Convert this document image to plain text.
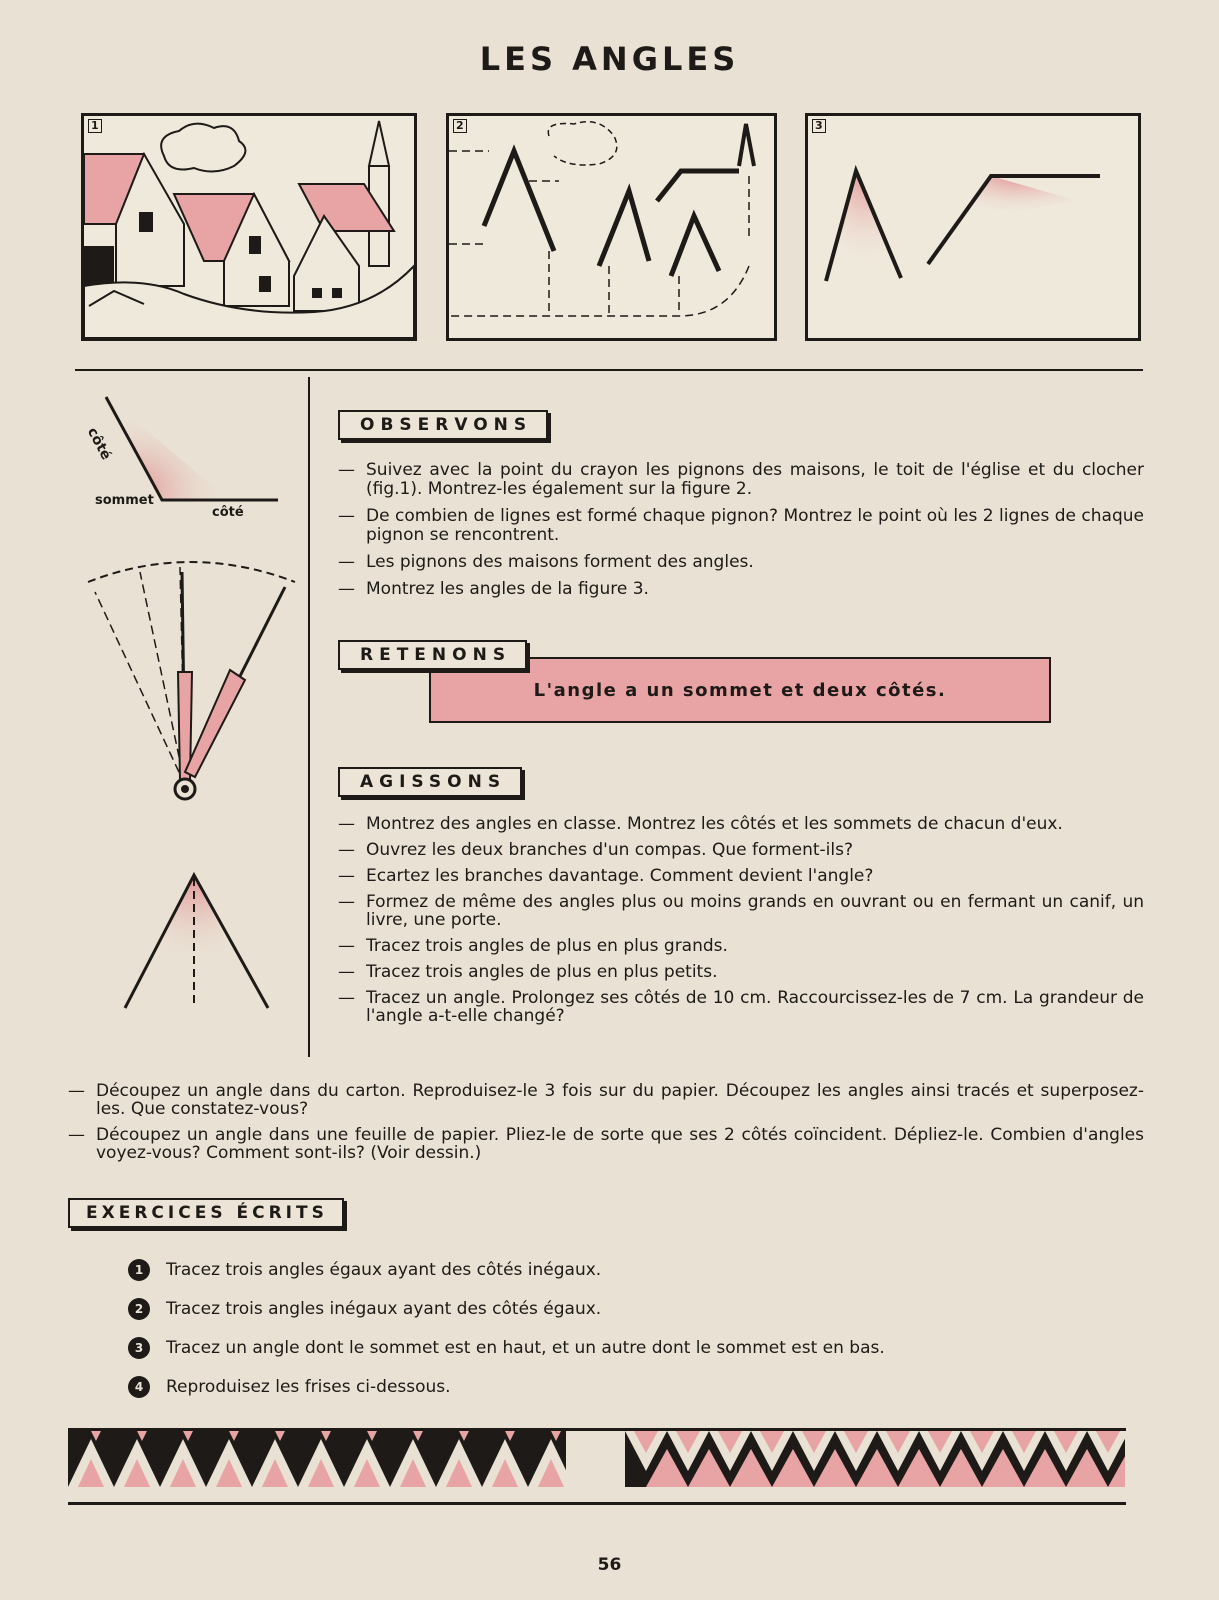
LES ANGLES
1	2	3
côté
sommet
côté
OBSERVONS
— Suivez avec la point du crayon les pignons des maisons, le toit de l'église et du clocher (fig.1). Montrez-les également sur la figure 2.
— De combien de lignes est formé chaque pignon? Montrez le point où les 2 lignes de chaque pignon se rencontrent.
— Les pignons des maisons forment des angles.
— Montrez les angles de la figure 3.
RETENONS
L'angle a un sommet et deux côtés.
AGISSONS
— Montrez des angles en classe. Montrez les côtés et les sommets de chacun d'eux.
— Ouvrez les deux branches d'un compas. Que forment-ils?
— Ecartez les branches davantage. Comment devient l'angle?
— Formez de même des angles plus ou moins grands en ouvrant ou en fermant un canif, un livre, une porte.
— Tracez trois angles de plus en plus grands.
— Tracez trois angles de plus en plus petits.
— Tracez un angle. Prolongez ses côtés de 10 cm. Raccourcissez-les de 7 cm. La grandeur de l'angle a-t-elle changé?
— Découpez un angle dans du carton. Reproduisez-le 3 fois sur du papier. Découpez les angles ainsi tracés et superposez-les. Que constatez-vous?
— Découpez un angle dans une feuille de papier. Pliez-le de sorte que ses 2 côtés coïncident. Dépliez-le. Combien d'angles voyez-vous? Comment sont-ils? (Voir dessin.)
EXERCICES ÉCRITS
1	Tracez trois angles égaux ayant des côtés inégaux.
2	Tracez trois angles inégaux ayant des côtés égaux.
3	Tracez un angle dont le sommet est en haut, et un autre dont le sommet est en bas.
4	Reproduisez les frises ci-dessous.
56
